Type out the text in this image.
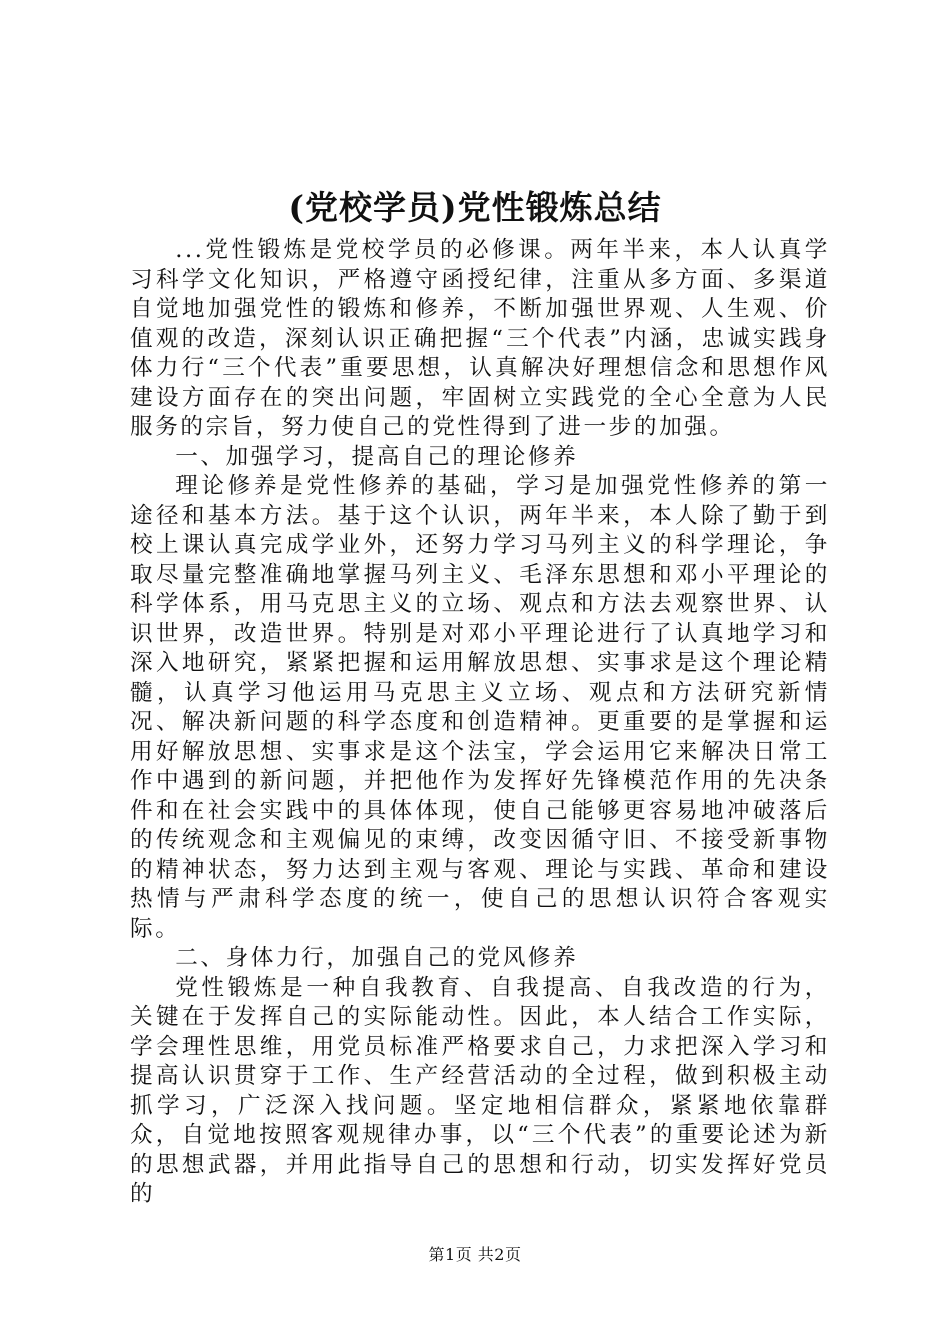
(党校学员)党性锻炼总结

...党性锻炼是党校学员的必修课。两年半来，本人认真学习科学文化知识，严格遵守函授纪律，注重从多方面、多渠道自觉地加强党性的锻炼和修养，不断加强世界观、人生观、价值观的改造，深刻认识正确把握“三个代表”内涵，忠诚实践身体力行“三个代表”重要思想，认真解决好理想信念和思想作风建设方面存在的突出问题，牢固树立实践党的全心全意为人民服务的宗旨，努力使自己的党性得到了进一步的加强。

一、加强学习，提高自己的理论修养

理论修养是党性修养的基础，学习是加强党性修养的第一途径和基本方法。基于这个认识，两年半来，本人除了勤于到校上课认真完成学业外，还努力学习马列主义的科学理论，争取尽量完整准确地掌握马列主义、毛泽东思想和邓小平理论的科学体系，用马克思主义的立场、观点和方法去观察世界、认识世界，改造世界。特别是对邓小平理论进行了认真地学习和深入地研究，紧紧把握和运用解放思想、实事求是这个理论精髓，认真学习他运用马克思主义立场、观点和方法研究新情况、解决新问题的科学态度和创造精神。更重要的是掌握和运用好解放思想、实事求是这个法宝，学会运用它来解决日常工作中遇到的新问题，并把他作为发挥好先锋模范作用的先决条件和在社会实践中的具体体现，使自己能够更容易地冲破落后的传统观念和主观偏见的束缚，改变因循守旧、不接受新事物的精神状态，努力达到主观与客观、理论与实践、革命和建设热情与严肃科学态度的统一，使自己的思想认识符合客观实际。

二、身体力行，加强自己的党风修养

党性锻炼是一种自我教育、自我提高、自我改造的行为，关键在于发挥自己的实际能动性。因此，本人结合工作实际，学会理性思维，用党员标准严格要求自己，力求把深入学习和提高认识贯穿于工作、生产经营活动的全过程，做到积极主动抓学习，广泛深入找问题。坚定地相信群众，紧紧地依靠群众，自觉地按照客观规律办事，以“三个代表”的重要论述为新的思想武器，并用此指导自己的思想和行动，切实发挥好党员的

第1页 共2页
